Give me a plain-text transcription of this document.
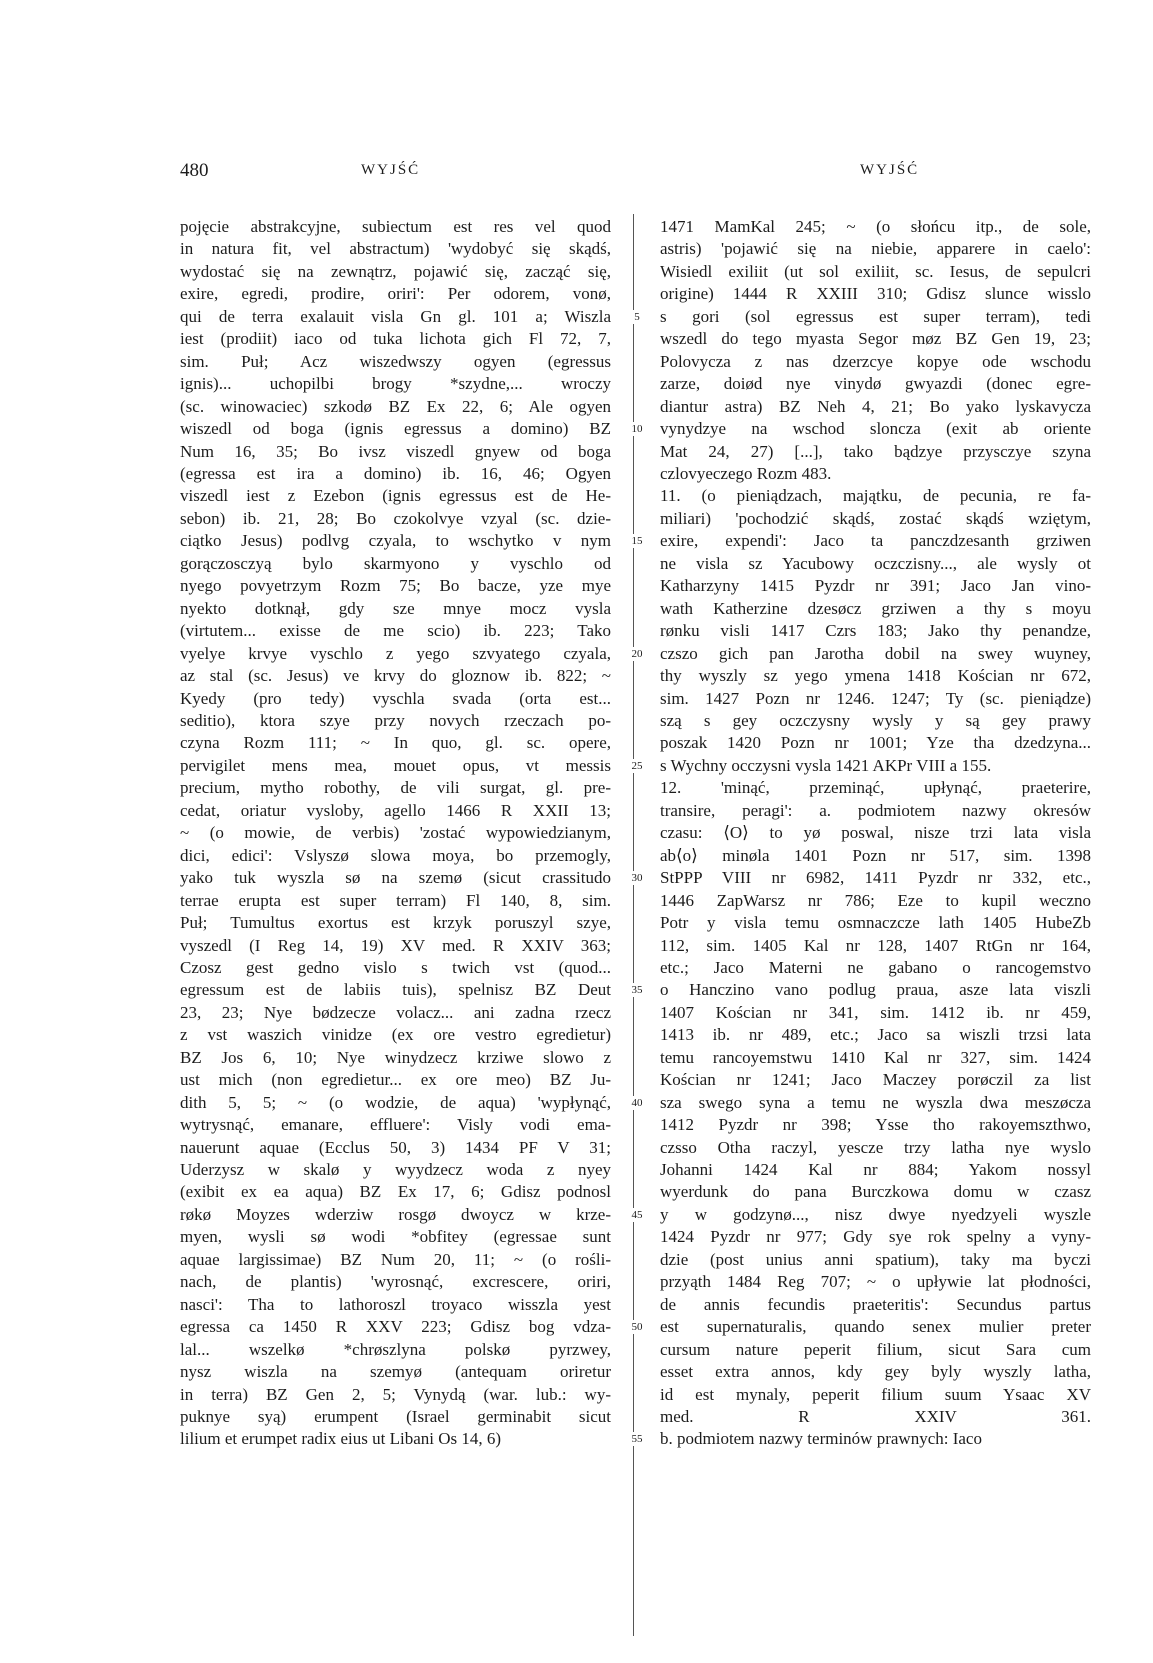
480	WYJŚĆ	WYJŚĆ
pojęcie abstrakcyjne, subiectum est res vel quod
in natura fit, vel abstractum) 'wydobyć się skądś,
wydostać się na zewnątrz, pojawić się, zacząć się,
exire, egredi, prodire, oriri': Per odorem, vonø,
qui de terra exalauit visla Gn gl. 101 a; Wiszla
iest (prodiit) iaco od tuka lichota gich Fl 72, 7,
sim. Puł; Acz wiszedwszy ogyen (egressus
ignis)... uchopilbi brogy *szydne,... wroczy
(sc. winowaciec) szkodø BZ Ex 22, 6; Ale ogyen
wiszedl od boga (ignis egressus a domino) BZ
Num 16, 35; Bo ivsz viszedl gnyew od boga
(egressa est ira a domino) ib. 16, 46; Ogyen
viszedl iest z Ezebon (ignis egressus est de He-
sebon) ib. 21, 28; Bo czokolvye vzyal (sc. dzie-
ciątko Jesus) podlvg czyala, to wschytko v nym
gorączosczyą bylo skarmyono y vyschlo od
nyego povyetrzym Rozm 75; Bo bacze, yze mye
nyekto dotknął, gdy sze mnye mocz vysla
(virtutem... exisse de me scio) ib. 223; Tako
vyelye krvye vyschlo z yego szvyatego czyala,
az stal (sc. Jesus) ve krvy do gloznow ib. 822; ~
Kyedy (pro tedy) vyschla svada (orta est...
seditio), ktora szye przy novych rzeczach po-
czyna Rozm 111; ~ In quo, gl. sc. opere,
pervigilet mens mea, mouet opus, vt messis
precium, mytho robothy, de vili surgat, gl. pre-
cedat, oriatur vysloby, agello 1466 R XXII 13;
~ (o mowie, de verbis) 'zostać wypowiedzianym,
dici, edici': Vslyszø slowa moya, bo przemogly,
yako tuk wyszla sø na szemø (sicut crassitudo
terrae erupta est super terram) Fl 140, 8, sim.
Puł; Tumultus exortus est krzyk poruszyl szye,
vyszedl (I Reg 14, 19) XV med. R XXIV 363;
Czosz gest gedno vislo s twich vst (quod...
egressum est de labiis tuis), spelnisz BZ Deut
23, 23; Nye bødzecze volacz... ani zadna rzecz
z vst waszich vinidze (ex ore vestro egredietur)
BZ Jos 6, 10; Nye winydzecz krziwe slowo z
ust mich (non egredietur... ex ore meo) BZ Ju-
dith 5, 5; ~ (o wodzie, de aqua) 'wypłynąć,
wytrysnąć, emanare, effluere': Visly vodi ema-
nauerunt aquae (Ecclus 50, 3) 1434 PF V 31;
Uderzysz w skalø y wyydzecz woda z nyey
(exibit ex ea aqua) BZ Ex 17, 6; Gdisz podnosl
røkø Moyzes wderziw rosgø dwoycz w krze-
myen, wysli sø wodi *obfitey (egressae sunt
aquae largissimae) BZ Num 20, 11; ~ (o rośli-
nach, de plantis) 'wyrosnąć, excrescere, oriri,
nasci': Tha to lathoroszl troyaco wisszla yest
egressa ca 1450 R XXV 223; Gdisz bog vdza-
lal... wszelkø *chrøszlyna polskø pyrzwey,
nysz wiszla na szemyø (antequam oriretur
in terra) BZ Gen 2, 5; Vynydą (war. lub.: wy-
puknye syą) erumpent (Israel germinabit sicut
lilium et erumpet radix eius ut Libani Os 14, 6)
5
10
15
20
25
30
35
40
45
50
55
1471 MamKal 245; ~ (o słońcu itp., de sole,
astris) 'pojawić się na niebie, apparere in caelo':
Wisiedl exiliit (ut sol exiliit, sc. Iesus, de sepulcri
origine) 1444 R XXIII 310; Gdisz slunce wisslo
s gori (sol egressus est super terram), tedi
wszedl do tego myasta Segor møz BZ Gen 19, 23;
Polovycza z nas dzerzcye kopye ode wschodu
zarze, doiød nye vinydø gwyazdi (donec egre-
diantur astra) BZ Neh 4, 21; Bo yako lyskavycza
vynydzye na wschod sloncza (exit ab oriente
Mat 24, 27) [...], tako bądzye przysczye szyna
czlovyeczego Rozm 483.
11. (o pieniądzach, majątku, de pecunia, re fa-
miliari) 'pochodzić skądś, zostać skądś wziętym,
exire, expendi': Jaco ta panczdzesanth grziwen
ne visla sz Yacubowy oczczisny..., ale wysly ot
Katharzyny 1415 Pyzdr nr 391; Jaco Jan vino-
wath Katherzine dzesøcz grziwen a thy s moyu
rønku visli 1417 Czrs 183; Jako thy penandze,
czszo gich pan Jarotha dobil na swey wuyney,
thy wyszly sz yego ymena 1418 Kościan nr 672,
sim. 1427 Pozn nr 1246. 1247; Ty (sc. pieniądze)
szą s gey oczczysny wysly y są gey prawy
poszak 1420 Pozn nr 1001; Yze tha dzedzyna...
s Wychny occzysni vysla 1421 AKPr VIII a 155.
12. 'minąć, przeminąć, upłynąć, praeterire,
transire, peragi': a. podmiotem nazwy okresów
czasu: ⟨O⟩ to yø poswal, nisze trzi lata visla
ab⟨o⟩ minøla 1401 Pozn nr 517, sim. 1398
StPPP VIII nr 6982, 1411 Pyzdr nr 332, etc.,
1446 ZapWarsz nr 786; Eze to kupil weczno
Potr y visla temu osmnaczcze lath 1405 HubeZb
112, sim. 1405 Kal nr 128, 1407 RtGn nr 164,
etc.; Jaco Materni ne gabano o rancogemstvo
o Hanczino vano podlug praua, asze lata viszli
1407 Kościan nr 341, sim. 1412 ib. nr 459,
1413 ib. nr 489, etc.; Jaco sa wiszli trzsi lata
temu rancoyemstwu 1410 Kal nr 327, sim. 1424
Kościan nr 1241; Jaco Maczey porøczil za list
sza swego syna a temu ne wyszla dwa meszøcza
1412 Pyzdr nr 398; Ysse tho rakoyemszthwo,
czsso Otha raczyl, yescze trzy latha nye wyslo
Johanni 1424 Kal nr 884; Yakom nossyl
wyerdunk do pana Burczkowa domu w czasz
y w godzynø..., nisz dwye nyedzyeli wyszle
1424 Pyzdr nr 977; Gdy sye rok spelny a vyny-
dzie (post unius anni spatium), taky ma byczi
przyąth 1484 Reg 707; ~ o upływie lat płodności,
de annis fecundis praeteritis': Secundus partus
est supernaturalis, quando senex mulier preter
cursum nature peperit filium, sicut Sara cum
esset extra annos, kdy gey byly wyszly latha,
id est mynaly, peperit filium suum Ysaac XV
med. R XXIV 361.
b. podmiotem nazwy terminów prawnych: Iaco
